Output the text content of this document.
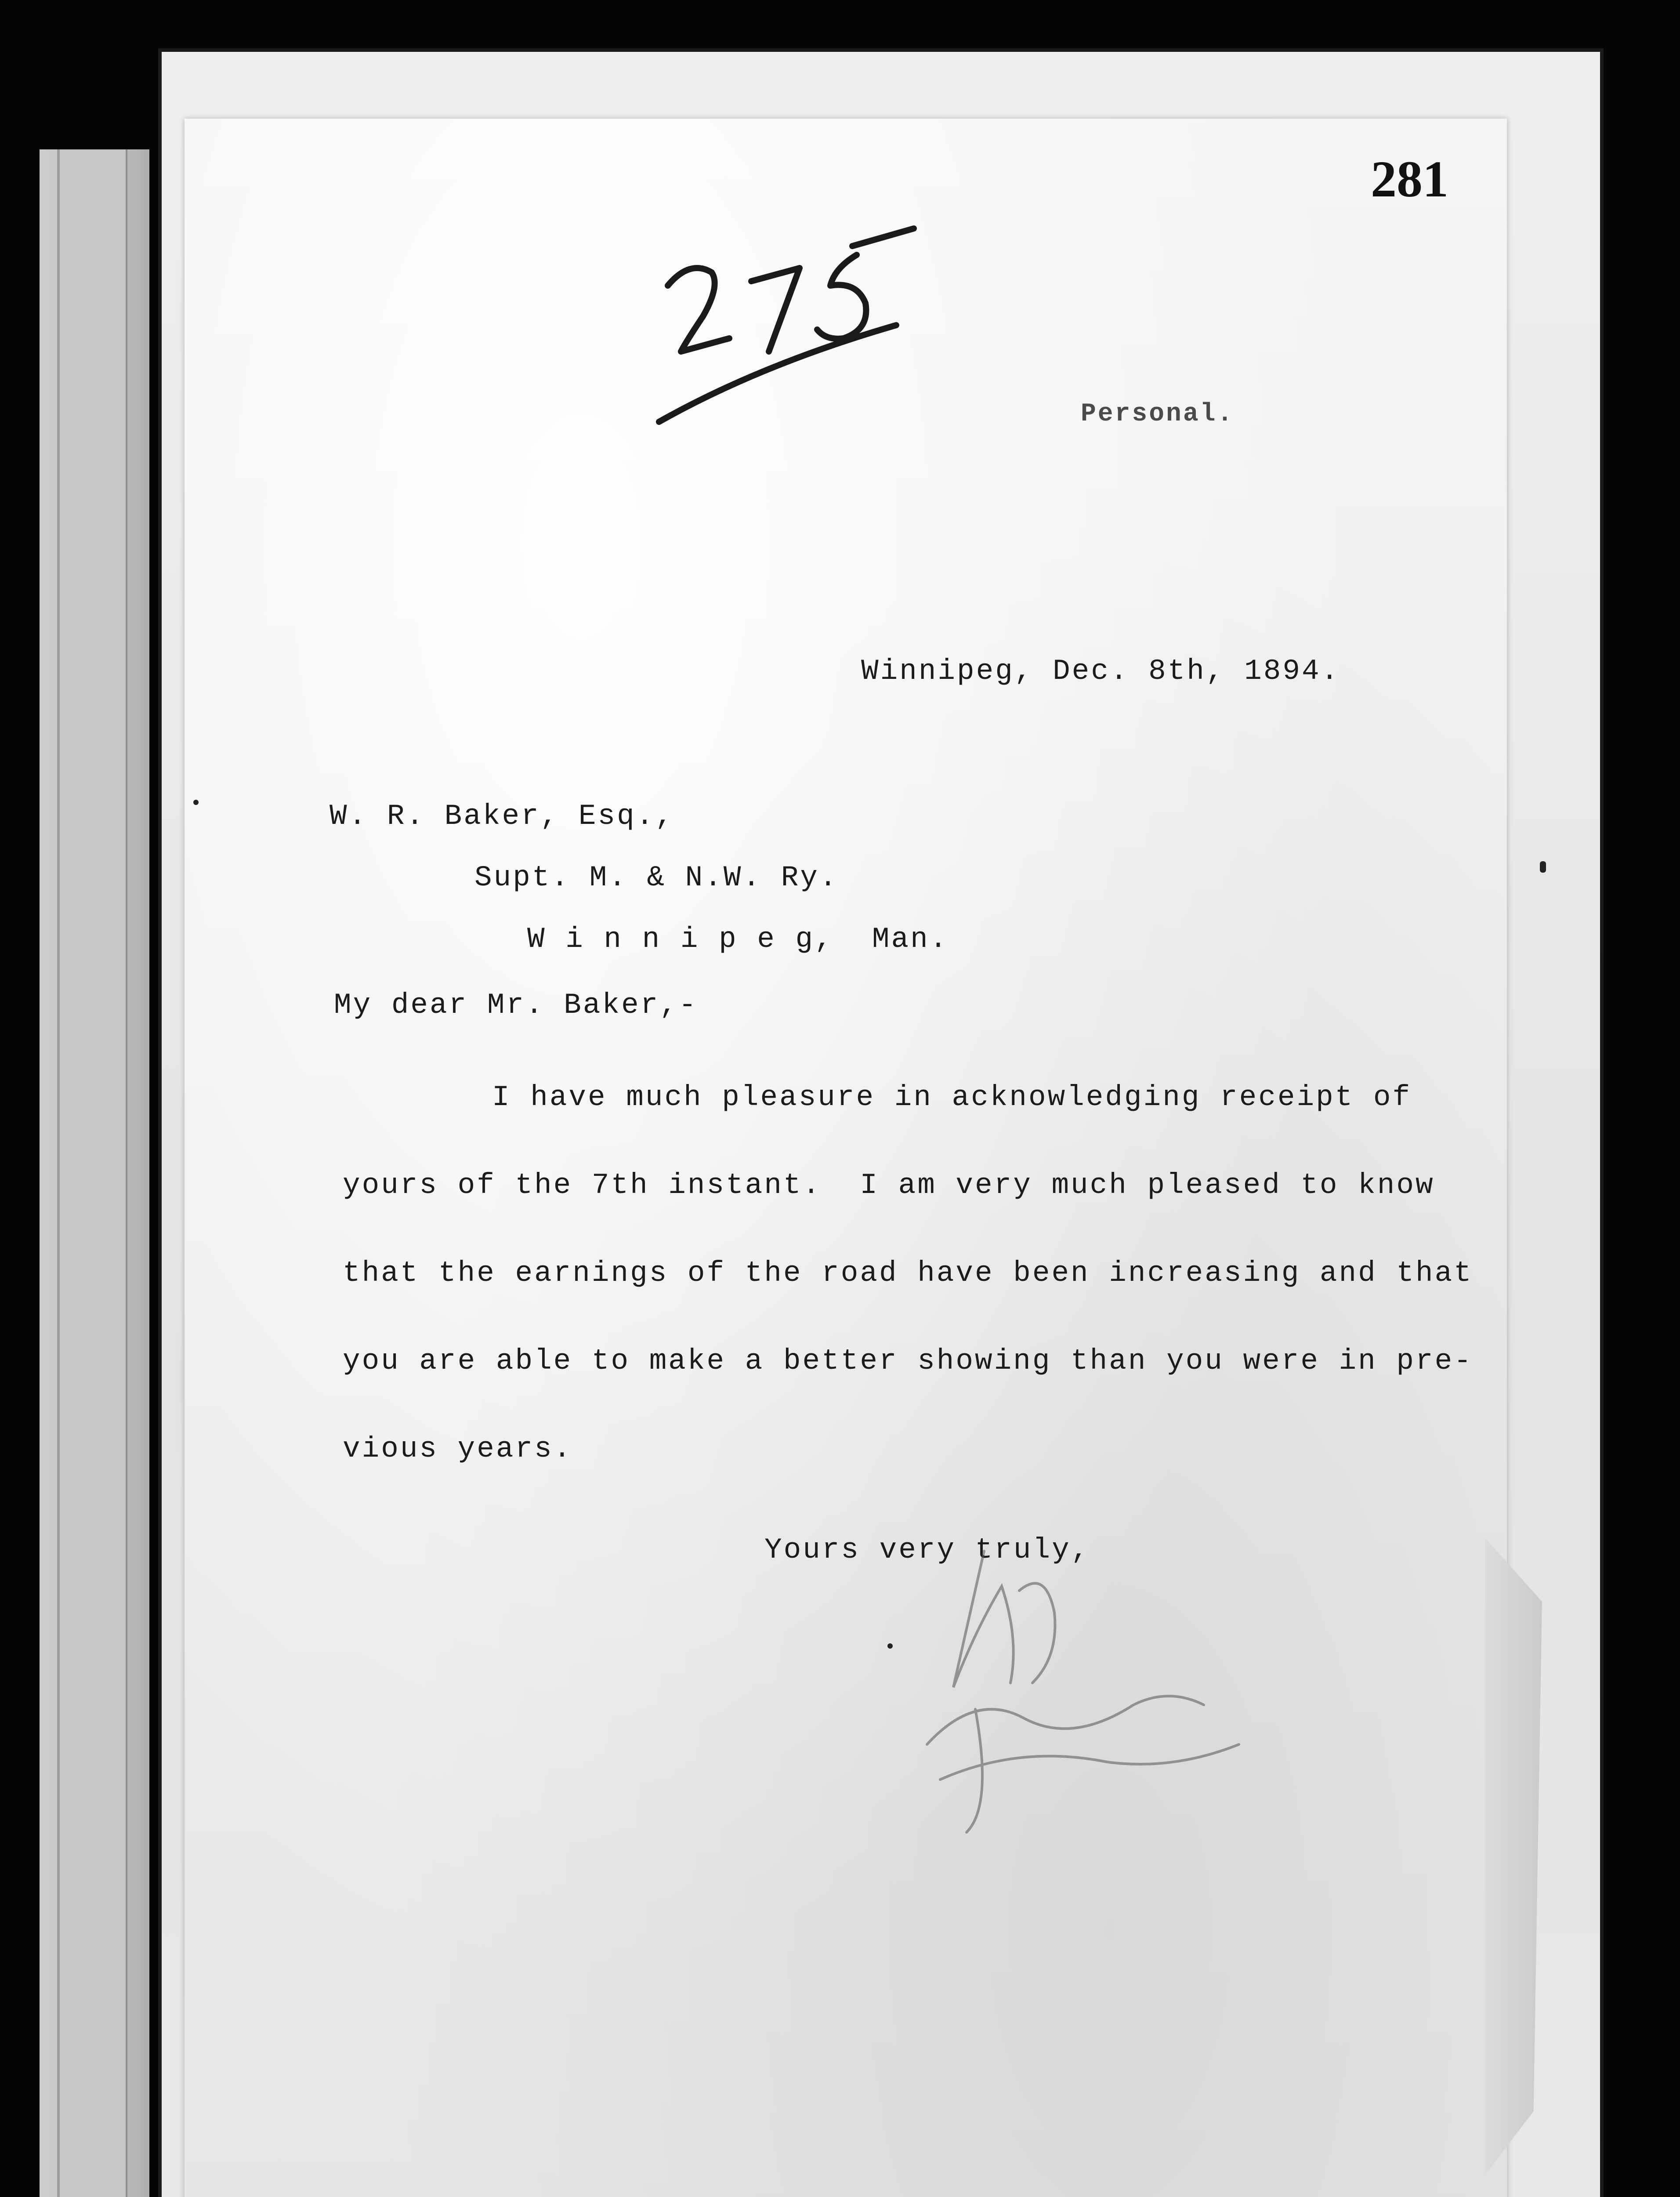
281

Personal.

Winnipeg, Dec. 8th, 1894.

W. R. Baker, Esq.,

Supt. M. & N.W. Ry.

W i n n i p e g,  Man.

My dear Mr. Baker,-

I have much pleasure in acknowledging receipt of

yours of the 7th instant.  I am very much pleased to know

that the earnings of the road have been increasing and that

you are able to make a better showing than you were in pre-

vious years.

Yours very truly,
